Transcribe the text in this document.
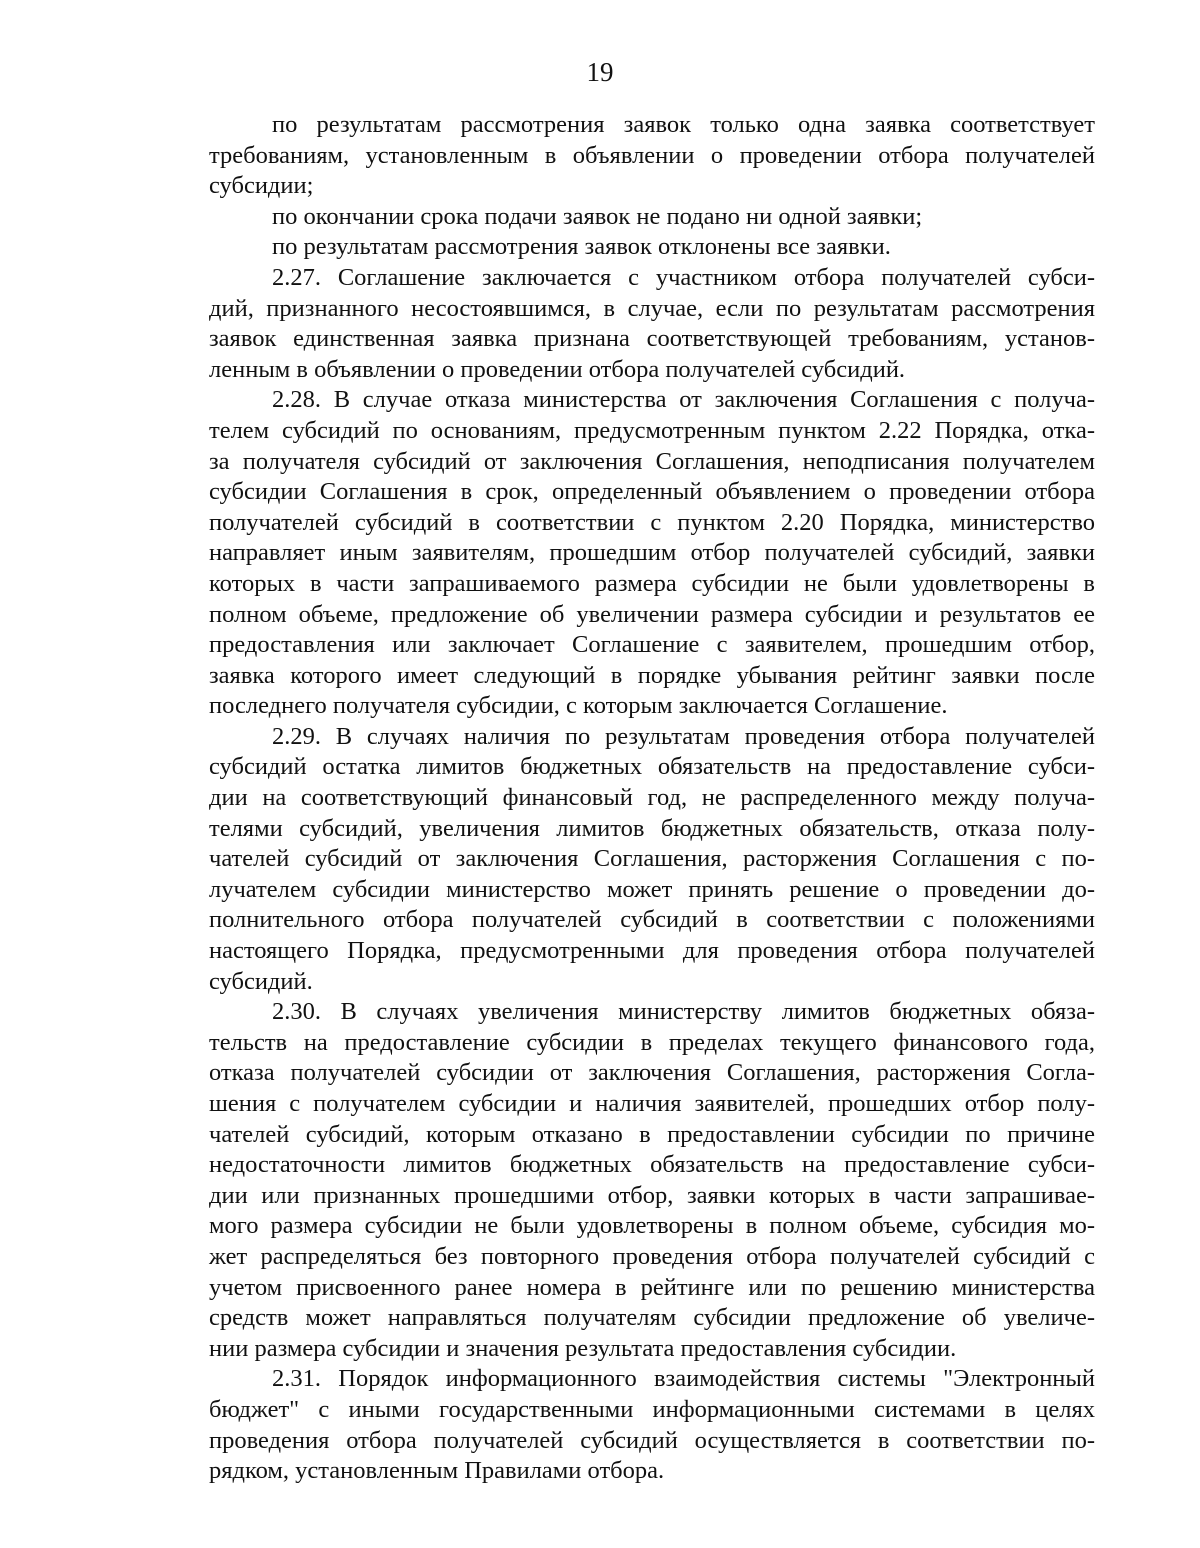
19
по результатам рассмотрения заявок только одна заявка соответствует
требованиям, установленным в объявлении о проведении отбора получателей
субсидии;
по окончании срока подачи заявок не подано ни одной заявки;
по результатам рассмотрения заявок отклонены все заявки.
2.27. Соглашение заключается с участником отбора получателей субси-
дий, признанного несостоявшимся, в случае, если по результатам рассмотрения
заявок единственная заявка признана соответствующей требованиям, установ-
ленным в объявлении о проведении отбора получателей субсидий.
2.28. В случае отказа министерства от заключения Соглашения с получа-
телем субсидий по основаниям, предусмотренным пунктом 2.22 Порядка, отка-
за получателя субсидий от заключения Соглашения, неподписания получателем
субсидии Соглашения в срок, определенный объявлением о проведении отбора
получателей субсидий в соответствии с пунктом 2.20 Порядка, министерство
направляет иным заявителям, прошедшим отбор получателей субсидий, заявки
которых в части запрашиваемого размера субсидии не были удовлетворены в
полном объеме, предложение об увеличении размера субсидии и результатов ее
предоставления или заключает Соглашение с заявителем, прошедшим отбор,
заявка которого имеет следующий в порядке убывания рейтинг заявки после
последнего получателя субсидии, с которым заключается Соглашение.
2.29. В случаях наличия по результатам проведения отбора получателей
субсидий остатка лимитов бюджетных обязательств на предоставление субси-
дии на соответствующий финансовый год, не распределенного между получа-
телями субсидий, увеличения лимитов бюджетных обязательств, отказа полу-
чателей субсидий от заключения Соглашения, расторжения Соглашения с по-
лучателем субсидии министерство может принять решение о проведении до-
полнительного отбора получателей субсидий в соответствии с положениями
настоящего Порядка, предусмотренными для проведения отбора получателей
субсидий.
2.30. В случаях увеличения министерству лимитов бюджетных обяза-
тельств на предоставление субсидии в пределах текущего финансового года,
отказа получателей субсидии от заключения Соглашения, расторжения Согла-
шения с получателем субсидии и наличия заявителей, прошедших отбор полу-
чателей субсидий, которым отказано в предоставлении субсидии по причине
недостаточности лимитов бюджетных обязательств на предоставление субси-
дии или признанных прошедшими отбор, заявки которых в части запрашивае-
мого размера субсидии не были удовлетворены в полном объеме, субсидия мо-
жет распределяться без повторного проведения отбора получателей субсидий с
учетом присвоенного ранее номера в рейтинге или по решению министерства
средств может направляться получателям субсидии предложение об увеличе-
нии размера субсидии и значения результата предоставления субсидии.
2.31. Порядок информационного взаимодействия системы "Электронный
бюджет" с иными государственными информационными системами в целях
проведения отбора получателей субсидий осуществляется в соответствии по-
рядком, установленным Правилами отбора.
